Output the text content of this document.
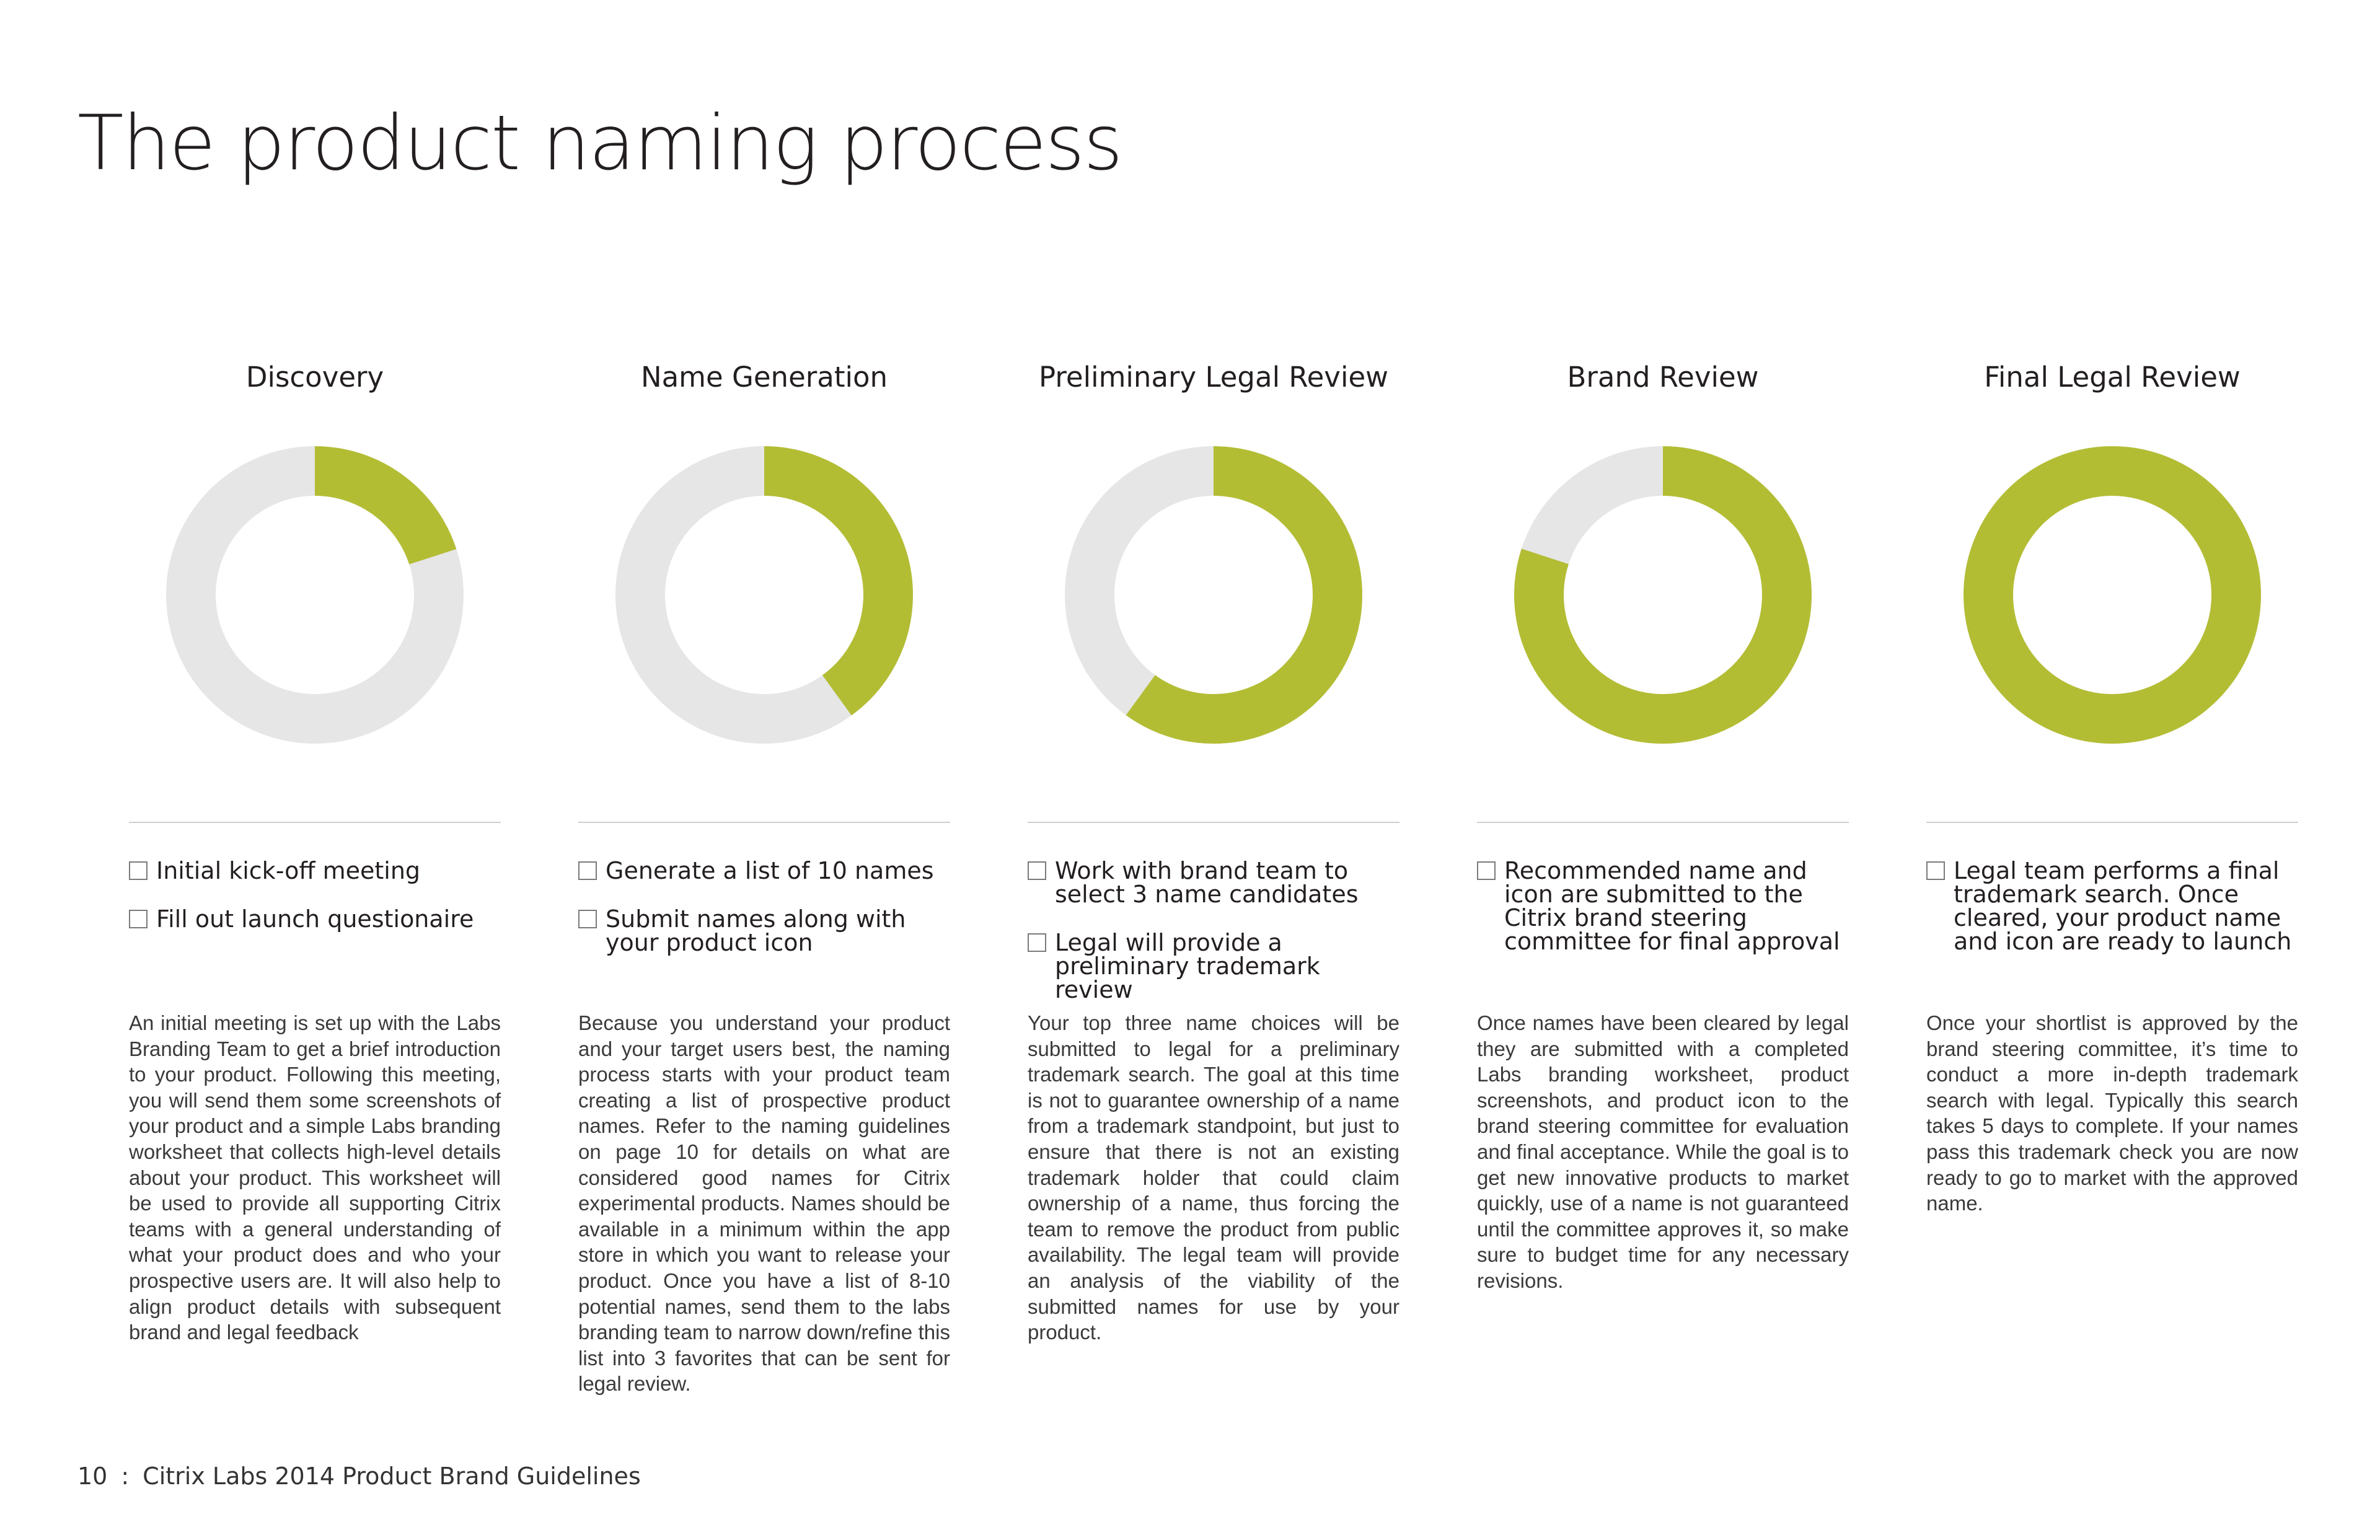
The product naming process
Discovery
Initial kick-off meeting
Fill out launch questionaire
An initial meeting is set up with the Labs Branding Team to get a brief introduction to your product. Following this meeting, you will send them some screenshots of your product and a simple Labs branding worksheet that collects high-level details about your product. This worksheet will be used to provide all supporting Citrix teams with a general understanding of what your product does and who your prospective users are. It will also help to align product details with subsequent brand and legal feedback
Name Generation
Generate a list of 10 names
Submit names along with your product icon
Because you understand your product and your target users best, the naming process starts with your product team creating a list of prospective product names. Refer to the naming guidelines on page 10 for details on what are considered good names for Citrix experimental products. Names should be available in a minimum within the app store in which you want to release your product. Once you have a list of 8-10 potential names, send them to the labs branding team to narrow down/refine this list into 3 favorites that can be sent for legal review.
Preliminary Legal Review
Work with brand team to select 3 name candidates
Legal will provide a preliminary trademark review
Your top three name choices will be submitted to legal for a preliminary trademark search. The goal at this time is not to guarantee ownership of a name from a trademark standpoint, but just to ensure that there is not an existing trademark holder that could claim ownership of a name, thus forcing the team to remove the product from public availability. The legal team will provide an analysis of the viability of the submitted names for use by your product.
Brand Review
Recommended name and icon are submitted to the Citrix brand steering committee for final approval
Once names have been cleared by legal they are submitted with a completed Labs branding worksheet, product screenshots, and product icon to the brand steering committee for evaluation and final acceptance. While the goal is to get new innovative products to market quickly, use of a name is not guaranteed until the committee approves it, so make sure to budget time for any necessary revisions.
Final Legal Review
Legal team performs a final trademark search. Once cleared, your product name and icon are ready to launch
Once your shortlist is approved by the brand steering committee, it’s time to conduct a more in-depth trademark search with legal. Typically this search takes 5 days to complete. If your names pass this trademark check you are now ready to go to market with the approved name.
10 : Citrix Labs 2014 Product Brand Guidelines
